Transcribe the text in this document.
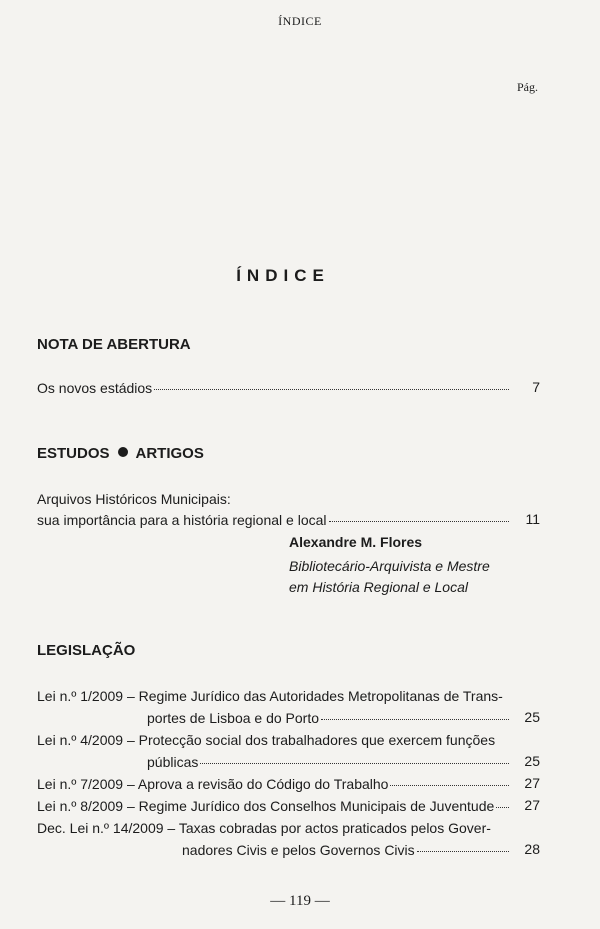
ÍNDICE
Pág.
ÍNDICE
NOTA DE ABERTURA
Os novos estádios	7
ESTUDOS ARTIGOS
Arquivos Históricos Municipais:
sua importância para a história regional e local	11
Alexandre M. Flores
Bibliotecário-Arquivista e Mestre
em História Regional e Local
LEGISLAÇÃO
Lei n.º 1/2009 – Regime Jurídico das Autoridades Metropolitanas de Trans-
portes de Lisboa e do Porto	25
Lei n.º 4/2009 – Protecção social dos trabalhadores que exercem funções
públicas	25
Lei n.º 7/2009 – Aprova a revisão do Código do Trabalho	27
Lei n.º 8/2009 – Regime Jurídico dos Conselhos Municipais de Juventude	27
Dec. Lei n.º 14/2009 – Taxas cobradas por actos praticados pelos Gover-
nadores Civis e pelos Governos Civis	28
— 119 —
